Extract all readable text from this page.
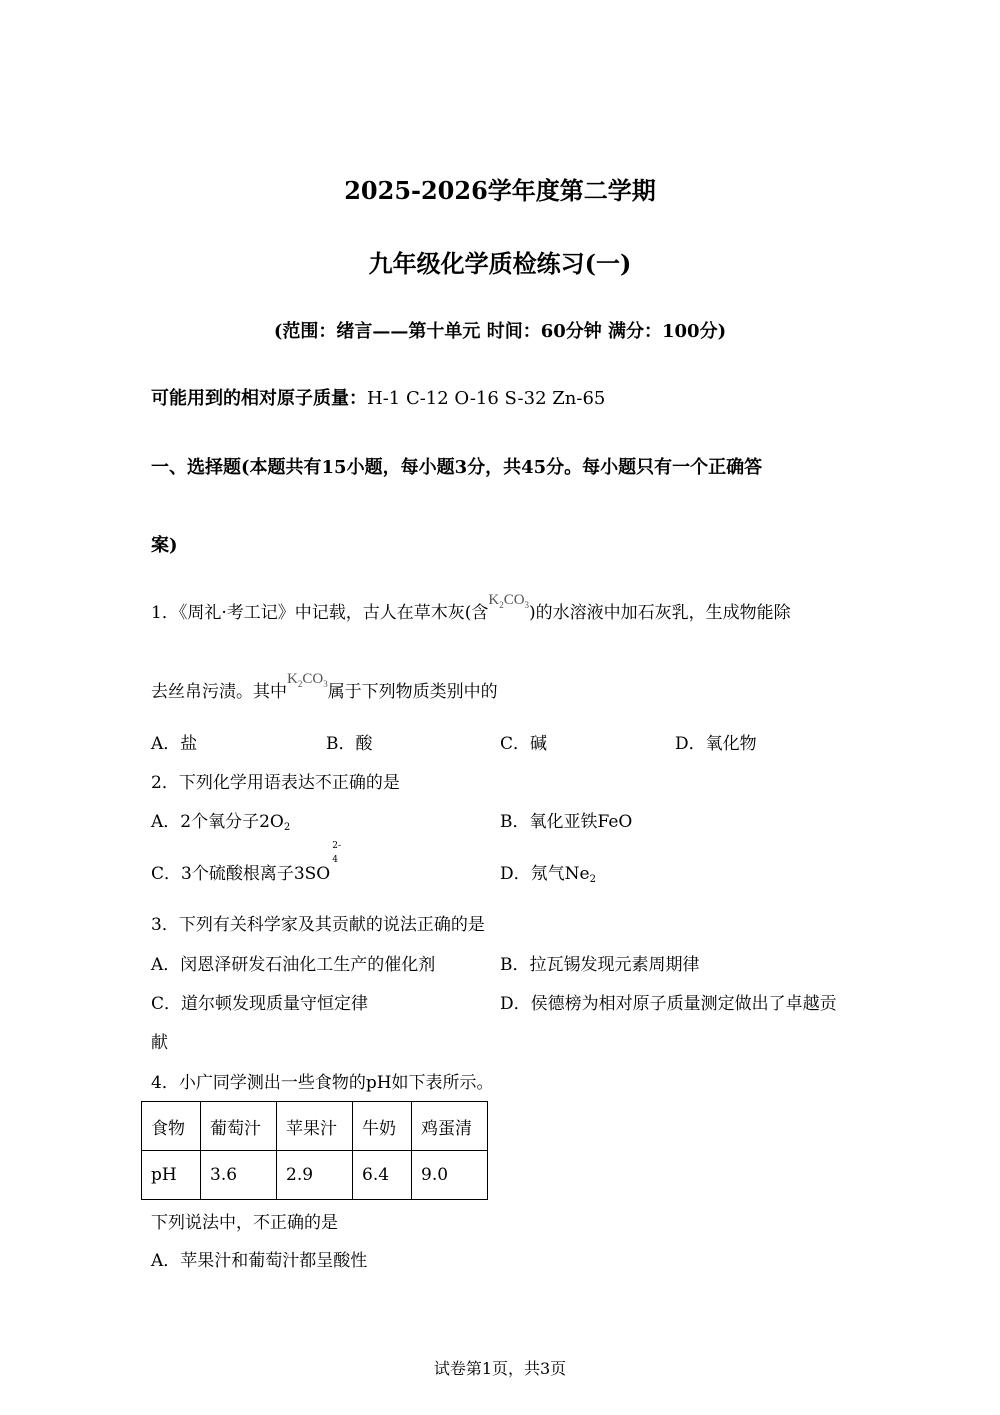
2025-2026学年度第二学期
九年级化学质检练习(一)
(范围：绪言——第十单元 时间：60分钟 满分：100分)
可能用到的相对原子质量：H-1 C-12 O-16 S-32 Zn-65
一、选择题(本题共有15小题，每小题3分，共45分。每小题只有一个正确答
案)
1．《周礼·考工记》中记载，古人在草木灰(含$K_2CO_3$)的水溶液中加石灰乳，生成物能除
去丝帛污渍。其中$K_2CO_3$属于下列物质类别中的
A．盐	B．酸	C．碱	D．氧化物
2．下列化学用语表达不正确的是
A．2个氧分子$2O_2$	B．氧化亚铁FeO
C．3个硫酸根离子3SO
2-
4
D．氖气$Ne_2$
3．下列有关科学家及其贡献的说法正确的是
A．闵恩泽研发石油化工生产的催化剂	B．拉瓦锡发现元素周期律
C．道尔顿发现质量守恒定律	D．侯德榜为相对原子质量测定做出了卓越贡
献
4．小广同学测出一些食物的pH如下表所示。
食物	葡萄汁	苹果汁	牛奶	鸡蛋清
pH	3.6	2.9	6.4	9.0
下列说法中，不正确的是
A．苹果汁和葡萄汁都呈酸性
试卷第1页，共3页
